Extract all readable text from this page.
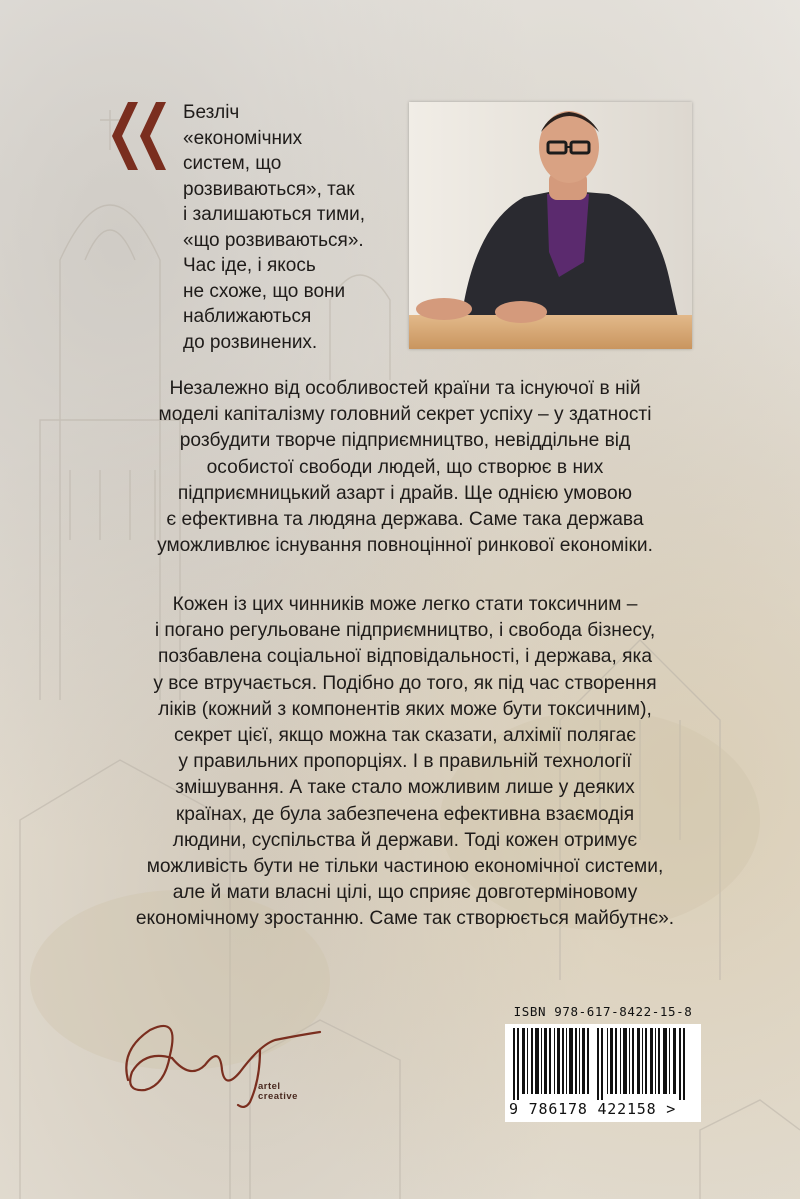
Безліч
«економічних
систем, що
розвиваються», так
і залишаються тими,
«що розвиваються».
Час іде, і якось
не схоже, що вони
наближаються
до розвинених.
Незалежно від особливостей країни та існуючої в ній
моделі капіталізму головний секрет успіху – у здатності
розбудити творче підприємництво, невіддільне від
особистої свободи людей, що створює в них
підприємницький азарт і драйв. Ще однією умовою
є ефективна та людяна держава. Саме така держава
уможливлює існування повноцінної ринкової економіки.
Кожен із цих чинників може легко стати токсичним –
і погано регульоване підприємництво, і свобода бізнесу,
позбавлена соціальної відповідальності, і держава, яка
у все втручається. Подібно до того, як під час створення
ліків (кожний з компонентів яких може бути токсичним),
секрет цієї, якщо можна так сказати, алхімії полягає
у правильних пропорціях. І в правильній технології
змішування. А таке стало можливим лише у деяких
країнах, де була забезпечена ефективна взаємодія
людини, суспільства й держави. Тоді кожен отримує
можливість бути не тільки частиною економічної системи,
але й мати власні цілі, що сприяє довготерміновому
економічному зростанню. Саме так створюється майбутнє».
artel
creative
ISBN 978-617-8422-15-8
9 786178 422158 >
